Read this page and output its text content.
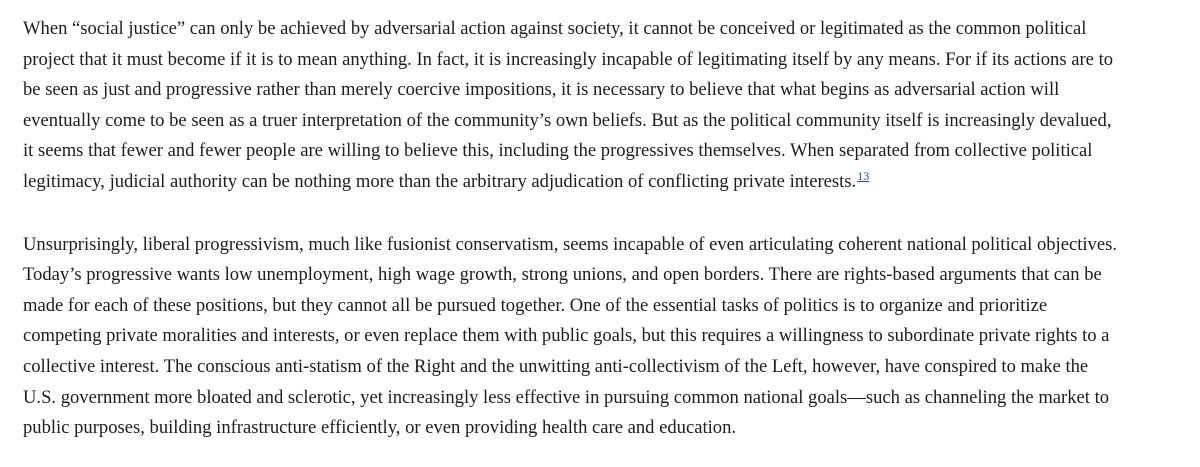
When “social justice” can only be achieved by adversarial action against society, it cannot be conceived or legitimated as the common political
project that it must become if it is to mean anything. In fact, it is increasingly incapable of legitimating itself by any means. For if its actions are to
be seen as just and progressive rather than merely coercive impositions, it is necessary to believe that what begins as adversarial action will
eventually come to be seen as a truer interpretation of the community’s own beliefs. But as the political community itself is increasingly devalued,
it seems that fewer and fewer people are willing to believe this, including the progressives themselves. When separated from collective political
legitimacy, judicial authority can be nothing more than the arbitrary adjudication of conflicting private interests.$^{13}$

Unsurprisingly, liberal progressivism, much like fusionist conservatism, seems incapable of even articulating coherent national political objectives.
Today’s progressive wants low unemployment, high wage growth, strong unions, and open borders. There are rights-based arguments that can be
made for each of these positions, but they cannot all be pursued together. One of the essential tasks of politics is to organize and prioritize
competing private moralities and interests, or even replace them with public goals, but this requires a willingness to subordinate private rights to a
collective interest. The conscious anti-statism of the Right and the unwitting anti-collectivism of the Left, however, have conspired to make the
U.S. government more bloated and sclerotic, yet increasingly less effective in pursuing common national goals—such as channeling the market to
public purposes, building infrastructure efficiently, or even providing health care and education.
